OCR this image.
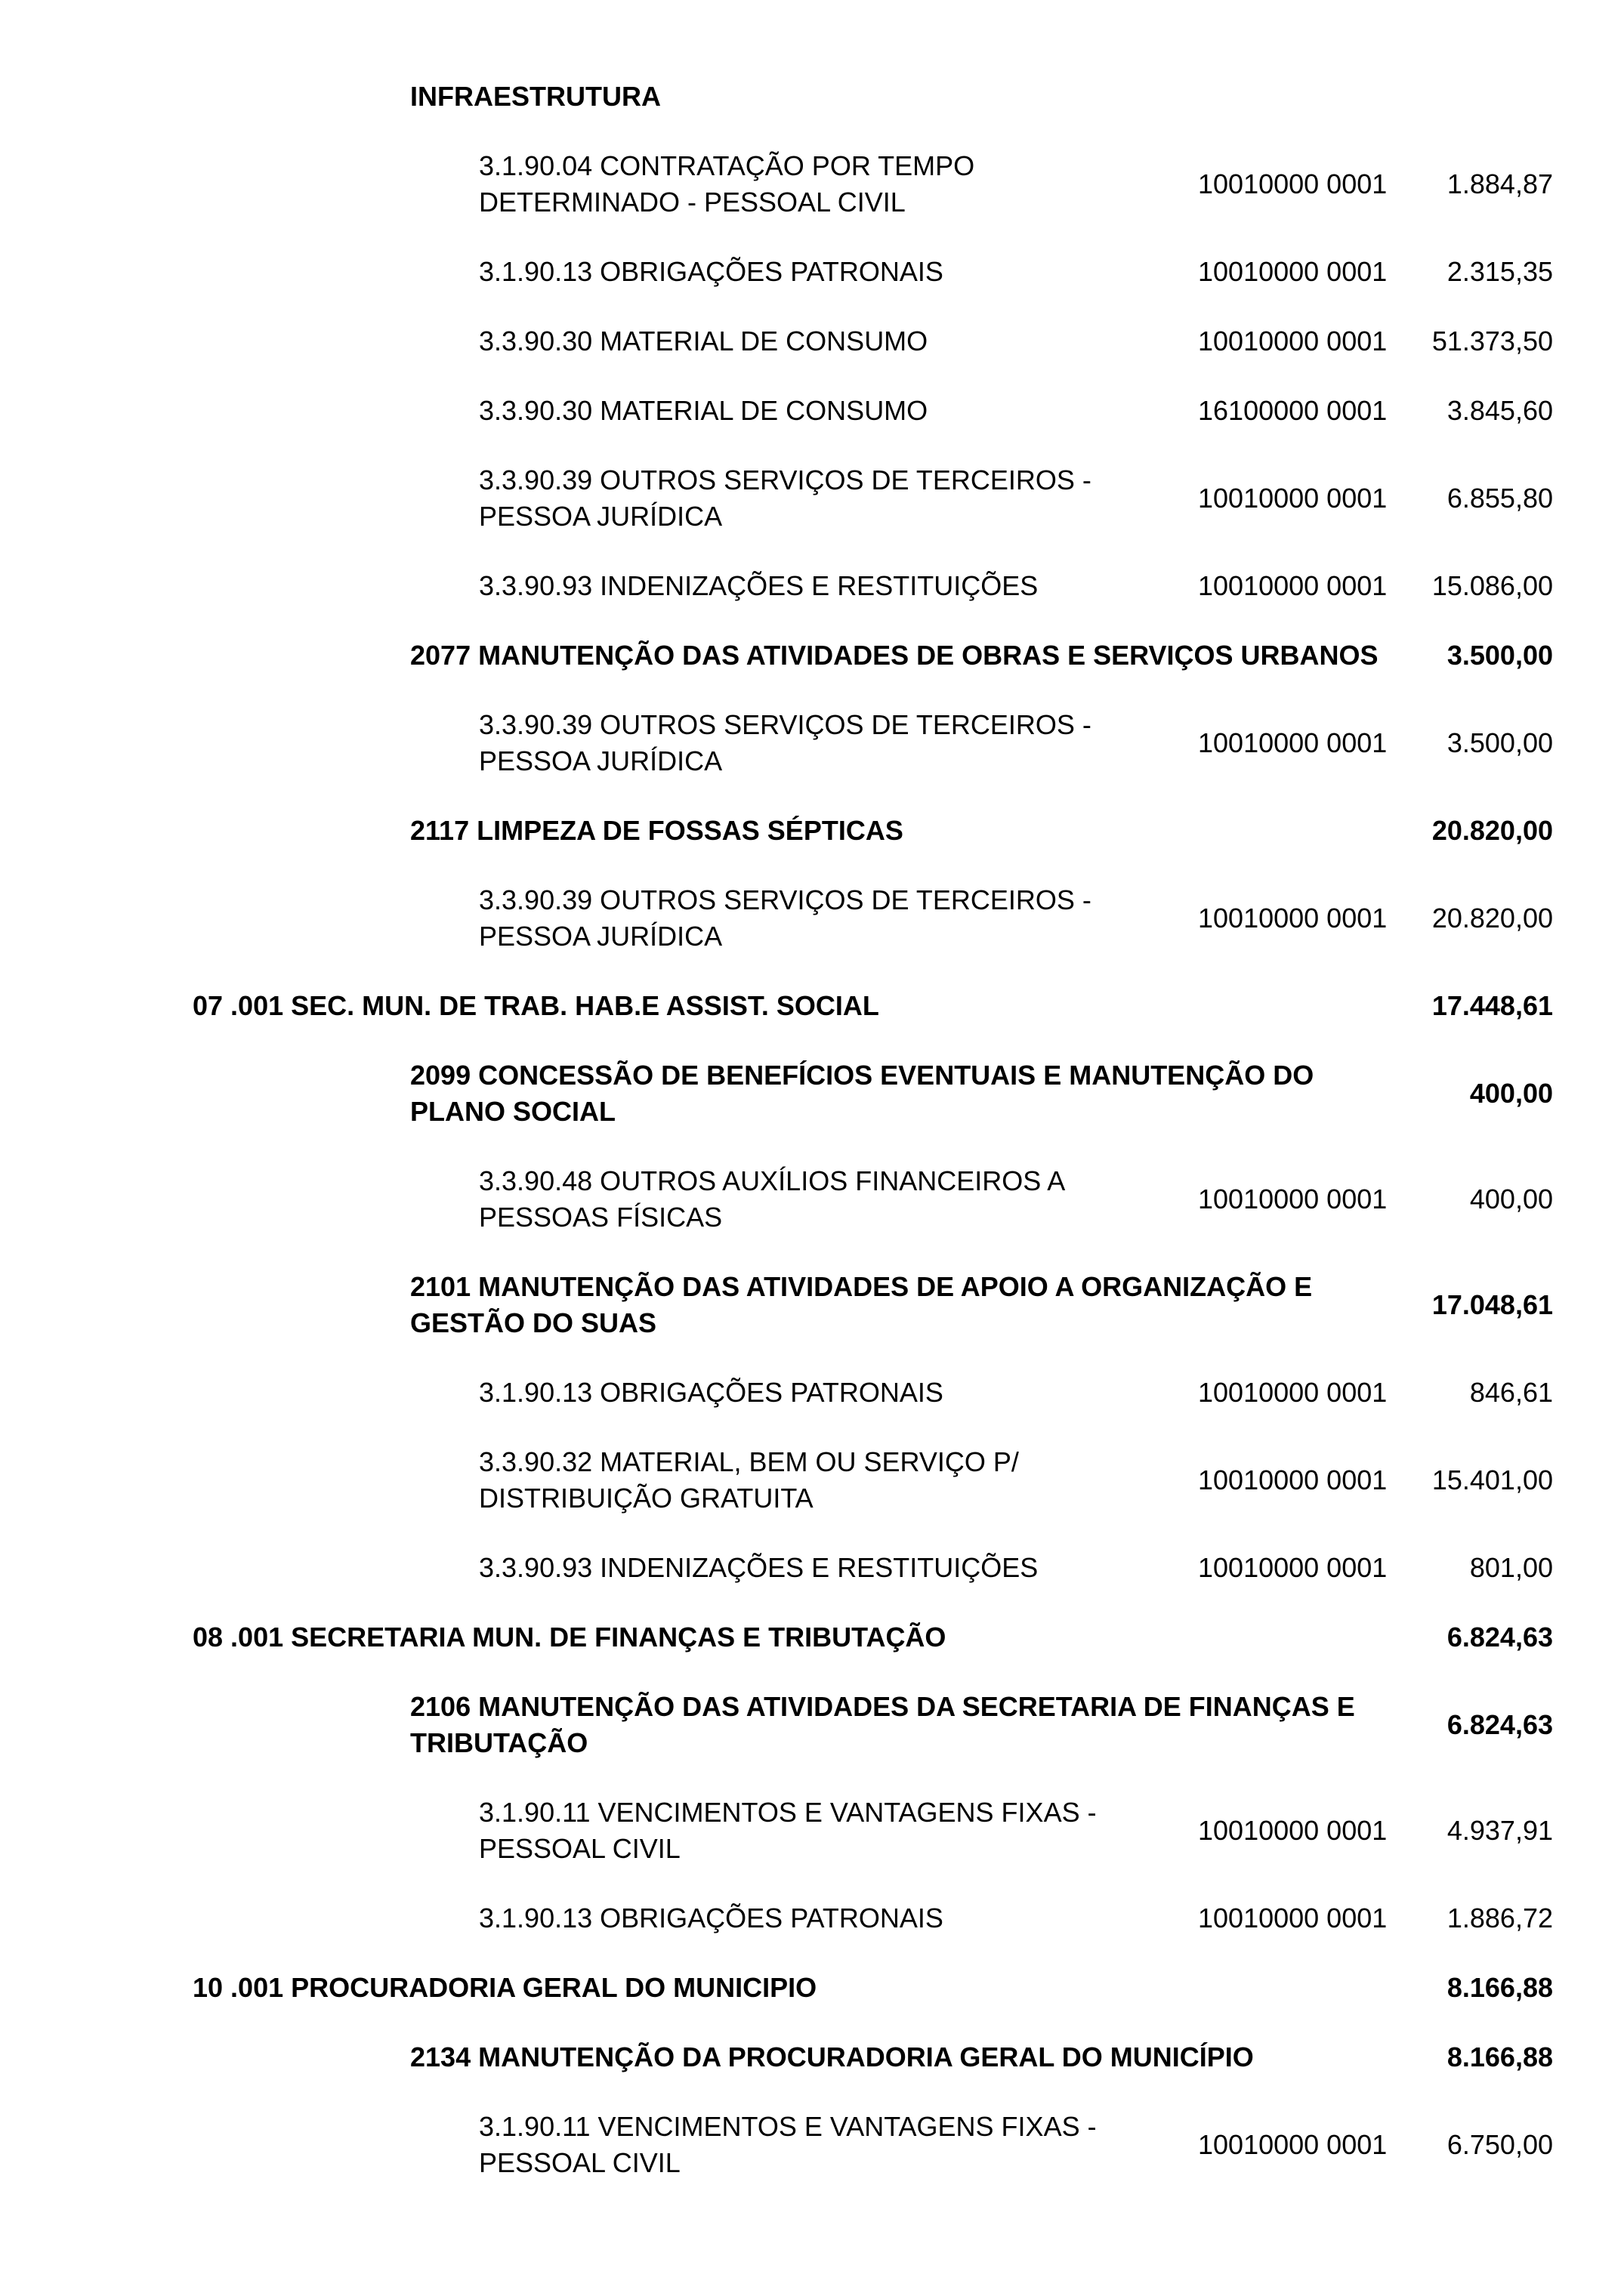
INFRAESTRUTURA
3.1.90.04 CONTRATAÇÃO POR TEMPO
DETERMINADO - PESSOAL CIVIL
10010000 0001 1.884,87
3.1.90.13 OBRIGAÇÕES PATRONAIS	10010000 0001 2.315,35
3.3.90.30 MATERIAL DE CONSUMO	10010000 0001 51.373,50
3.3.90.30 MATERIAL DE CONSUMO	16100000 0001 3.845,60
3.3.90.39 OUTROS SERVIÇOS DE TERCEIROS -
PESSOA JURÍDICA
10010000 0001 6.855,80
3.3.90.93 INDENIZAÇÕES E RESTITUIÇÕES	10010000 0001 15.086,00
2077 MANUTENÇÃO DAS ATIVIDADES DE OBRAS E SERVIÇOS URBANOS	3.500,00
3.3.90.39 OUTROS SERVIÇOS DE TERCEIROS -
PESSOA JURÍDICA
10010000 0001 3.500,00
2117 LIMPEZA DE FOSSAS SÉPTICAS	20.820,00
3.3.90.39 OUTROS SERVIÇOS DE TERCEIROS -
PESSOA JURÍDICA
10010000 0001 20.820,00
07 .001 SEC. MUN. DE TRAB. HAB.E ASSIST. SOCIAL	17.448,61
2099 CONCESSÃO DE BENEFÍCIOS EVENTUAIS E MANUTENÇÃO DO
PLANO SOCIAL
400,00
3.3.90.48 OUTROS AUXÍLIOS FINANCEIROS A
PESSOAS FÍSICAS
10010000 0001	400,00
2101 MANUTENÇÃO DAS ATIVIDADES DE APOIO A ORGANIZAÇÃO E
GESTÃO DO SUAS
17.048,61
3.1.90.13 OBRIGAÇÕES PATRONAIS	10010000 0001	846,61
3.3.90.32 MATERIAL, BEM OU SERVIÇO P/
DISTRIBUIÇÃO GRATUITA
10010000 0001 15.401,00
3.3.90.93 INDENIZAÇÕES E RESTITUIÇÕES	10010000 0001	801,00
08 .001 SECRETARIA MUN. DE FINANÇAS E TRIBUTAÇÃO	6.824,63
2106 MANUTENÇÃO DAS ATIVIDADES DA SECRETARIA DE FINANÇAS E
TRIBUTAÇÃO
6.824,63
3.1.90.11 VENCIMENTOS E VANTAGENS FIXAS -
PESSOAL CIVIL
10010000 0001 4.937,91
3.1.90.13 OBRIGAÇÕES PATRONAIS	10010000 0001 1.886,72
10 .001 PROCURADORIA GERAL DO MUNICIPIO	8.166,88
2134 MANUTENÇÃO DA PROCURADORIA GERAL DO MUNICÍPIO	8.166,88
3.1.90.11 VENCIMENTOS E VANTAGENS FIXAS -
PESSOAL CIVIL
10010000 0001 6.750,00
